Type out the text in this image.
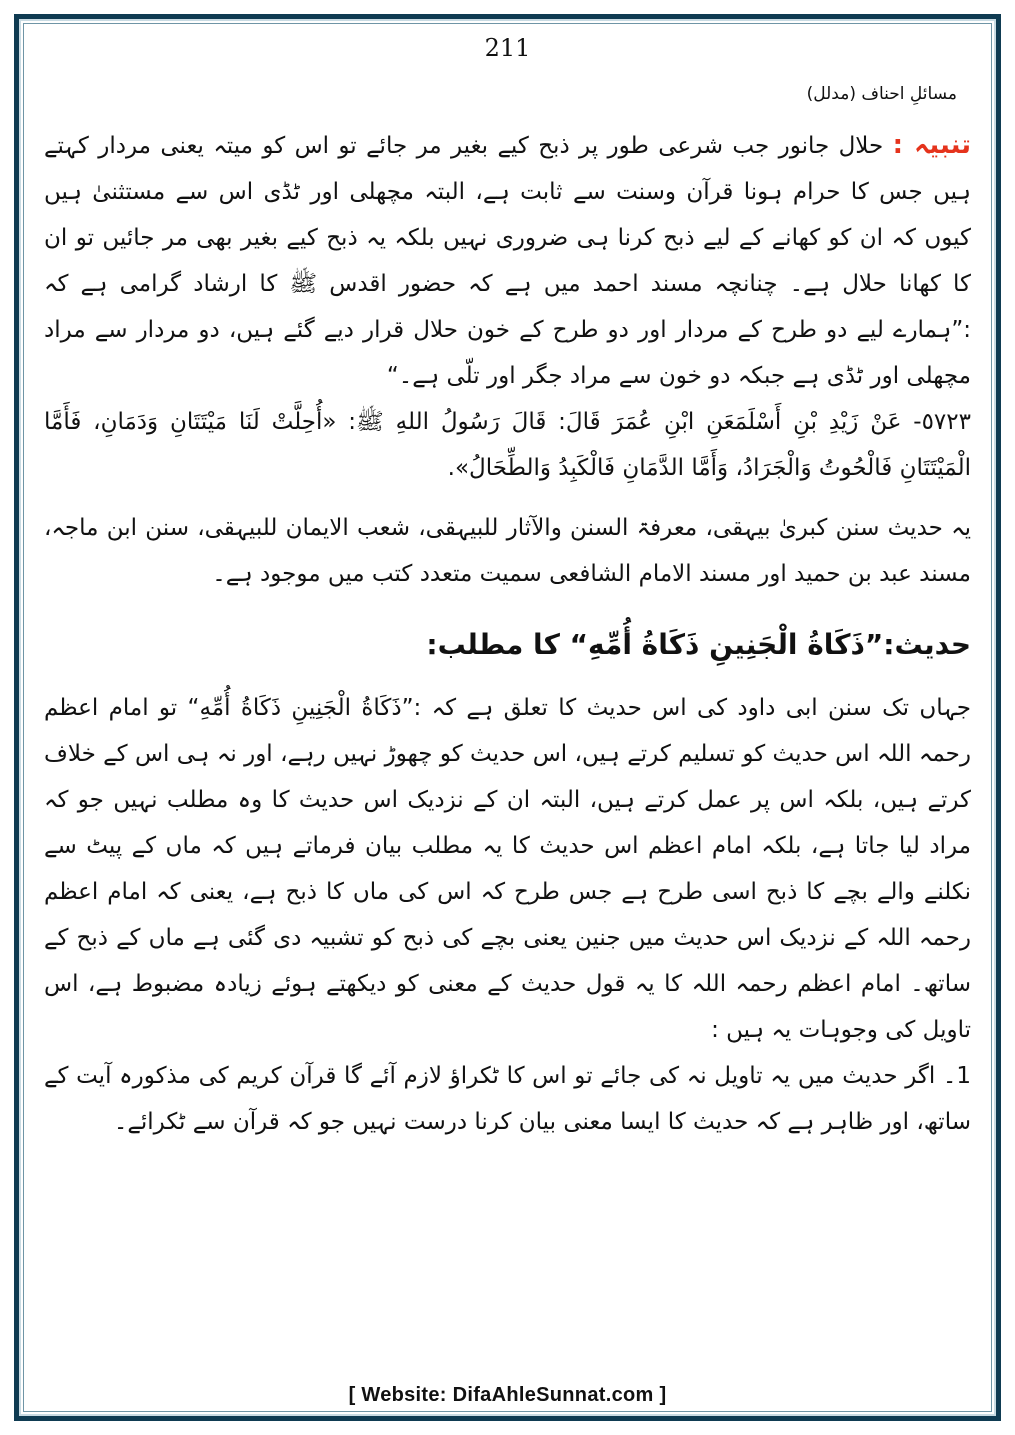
211
مسائلِ احناف (مدلل)

تنبیہ : حلال جانور جب شرعی طور پر ذبح کیے بغیر مر جائے تو اس کو میتہ یعنی مردار کہتے ہیں جس کا حرام ہونا قرآن وسنت سے ثابت ہے، البتہ مچھلی اور ٹڈی اس سے مستثنیٰ ہیں کیوں کہ ان کو کھانے کے لیے ذبح کرنا ہی ضروری نہیں بلکہ یہ ذبح کیے بغیر بھی مر جائیں تو ان کا کھانا حلال ہے۔ چنانچہ مسند احمد میں ہے کہ حضور اقدس ﷺ کا ارشاد گرامی ہے کہ :”ہمارے لیے دو طرح کے مردار اور دو طرح کے خون حلال قرار دیے گئے ہیں، دو مردار سے مراد مچھلی اور ٹڈی ہے جبکہ دو خون سے مراد جگر اور تلّی ہے۔“

٥٧٢٣- عَنْ زَيْدِ بْنِ أَسْلَمَعَنِ ابْنِ عُمَرَ قَالَ: قَالَ رَسُولُ اللهِ ﷺ: «أُحِلَّتْ لَنَا مَيْتَتَانِ وَدَمَانِ، فَأَمَّا الْمَيْتَتَانِ فَالْحُوتُ وَالْجَرَادُ، وَأَمَّا الدَّمَانِ فَالْكَبِدُ وَالطِّحَالُ».

یہ حدیث سنن کبریٰ بیہقی، معرفۃ السنن والآثار للبیہقی، شعب الایمان للبیہقی، سنن ابن ماجہ، مسند عبد بن حمید اور مسند الامام الشافعی سمیت متعدد کتب میں موجود ہے۔

حدیث:”ذَكَاةُ الْجَنِينِ ذَكَاةُ أُمِّهِ“ کا مطلب:

جہاں تک سنن ابی داود کی اس حدیث کا تعلق ہے کہ :”ذَكَاةُ الْجَنِينِ ذَكَاةُ أُمِّهِ“ تو امام اعظم رحمہ اللہ اس حدیث کو تسلیم کرتے ہیں، اس حدیث کو چھوڑ نہیں رہے، اور نہ ہی اس کے خلاف کرتے ہیں، بلکہ اس پر عمل کرتے ہیں، البتہ ان کے نزدیک اس حدیث کا وہ مطلب نہیں جو کہ مراد لیا جاتا ہے، بلکہ امام اعظم اس حدیث کا یہ مطلب بیان فرماتے ہیں کہ ماں کے پیٹ سے نکلنے والے بچے کا ذبح اسی طرح ہے جس طرح کہ اس کی ماں کا ذبح ہے، یعنی کہ امام اعظم رحمہ اللہ کے نزدیک اس حدیث میں جنین یعنی بچے کی ذبح کو تشبیہ دی گئی ہے ماں کے ذبح کے ساتھ۔ امام اعظم رحمہ اللہ کا یہ قول حدیث کے معنی کو دیکھتے ہوئے زیادہ مضبوط ہے، اس تاویل کی وجوہات یہ ہیں :

1۔ اگر حدیث میں یہ تاویل نہ کی جائے تو اس کا ٹکراؤ لازم آئے گا قرآن کریم کی مذکورہ آیت کے ساتھ، اور ظاہر ہے کہ حدیث کا ایسا معنی بیان کرنا درست نہیں جو کہ قرآن سے ٹکرائے۔

[ Website: DifaAhleSunnat.com ]
